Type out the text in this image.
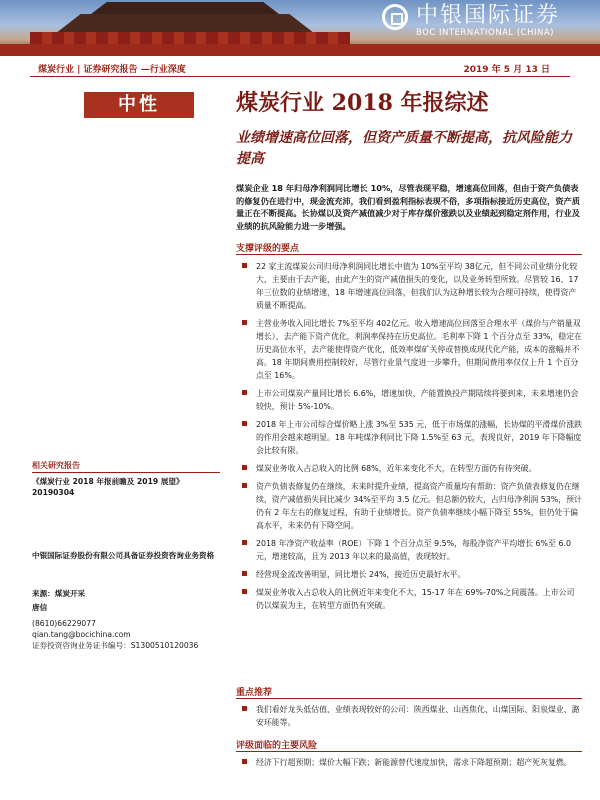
中银国际证券
BOC INTERNATIONAL (CHINA)
煤炭行业 | 证券研究报告 —行业深度	2019 年 5 月 13 日
中性	煤炭行业 2018 年报综述
业绩增速高位回落，但资产质量不断提高，抗风险能力提高
煤炭企业 18 年归母净利润同比增长 10%，尽管表现平稳，增速高位回落，但由于资产负债表的修复仍在进行中，现金流充沛，我们看到盈利指标表现不俗，多项指标接近历史高位，资产质量正在不断提高。长协煤以及资产减值减少对于库存煤价涨跌以及业绩起到稳定剂作用，行业及业绩的抗风险能力进一步增强。
支撑评级的要点
22 家主流煤炭公司归母净利润同比增长中值为 10%至平均 38亿元，但不同公司业绩分化较大，主要由于去产能，由此产生的资产减值损失的变化，以及业务转型所致。尽管较 16、17 年三位数的业绩增速，18 年增速高位回落，但我们认为这种增长较为合理可持续，使得资产质量不断提高。
主营业务收入同比增长 7%至平均 402亿元。收入增速高位回落至合理水平（煤价与产销量双增长），去产能下资产优化，利润率保持在历史高位。毛利率下降 1 个百分点至 33%，稳定在历史高位水平，去产能使得资产优化，低效率煤矿关停或替换成现代化产能，成本的涨幅并不高。18 年期间费用控制较好，尽管行业景气度进一步攀升，但期间费用率仅仅上升 1 个百分点至 16%。
上市公司煤炭产量同比增长 6.6%，增速加快，产能置换投产期陆续将要到来，未来增速仍会较快，预计 5%-10%。
2018 年上市公司综合煤价略上涨 3%至 535 元，低于市场煤的涨幅，长协煤的平滑煤价涨跌的作用会越来越明显。18 年吨煤净利同比下降 1.5%至 63 元，表现良好，2019 年下降幅度会比较有限。
煤炭业务收入占总收入的比例 68%，近年来变化不大，在转型方面仍有待突破。
资产负债表修复仍在继续，未来时提升业绩，提高资产质量均有帮助：资产负债表修复仍在继续，资产减值损失同比减少 34%至平均 3.5 亿元。但总额仍较大，占归母净利润 53%，预计仍有 2 年左右的修复过程，有助于业绩增长。资产负债率继续小幅下降至 55%，但仍处于偏高水平，未来仍有下降空间。
2018 年净资产收益率（ROE）下降 1 个百分点至 9.5%，每股净资产平均增长 6%至 6.0 元，增速较高，且为 2013 年以来的最高值，表现较好。
经营现金流改善明显，同比增长 24%，接近历史最好水平。
煤炭业务收入占总收入的比例近年来变化不大，15-17 年在 69%-70%之间震荡。上市公司仍以煤炭为主，在转型方面仍有突破。
重点推荐
我们看好龙头低估值、业绩表现较好的公司：陕西煤业、山西焦化、山煤国际、阳泉煤业、潞安环能等。
评级面临的主要风险
经济下行超预期；煤价大幅下跌；新能源替代速度加快，需求下降超预期；超产死灰复燃。
相关研究报告
《煤炭行业 2018 年报前瞻及 2019 展望》20190304
中银国际证券股份有限公司具备证券投资咨询业务资格
来源：煤炭开采
唐信
(8610)66229077
qian.tang@bocichina.com
证券投资咨询业务证书编号：S1300510120036
